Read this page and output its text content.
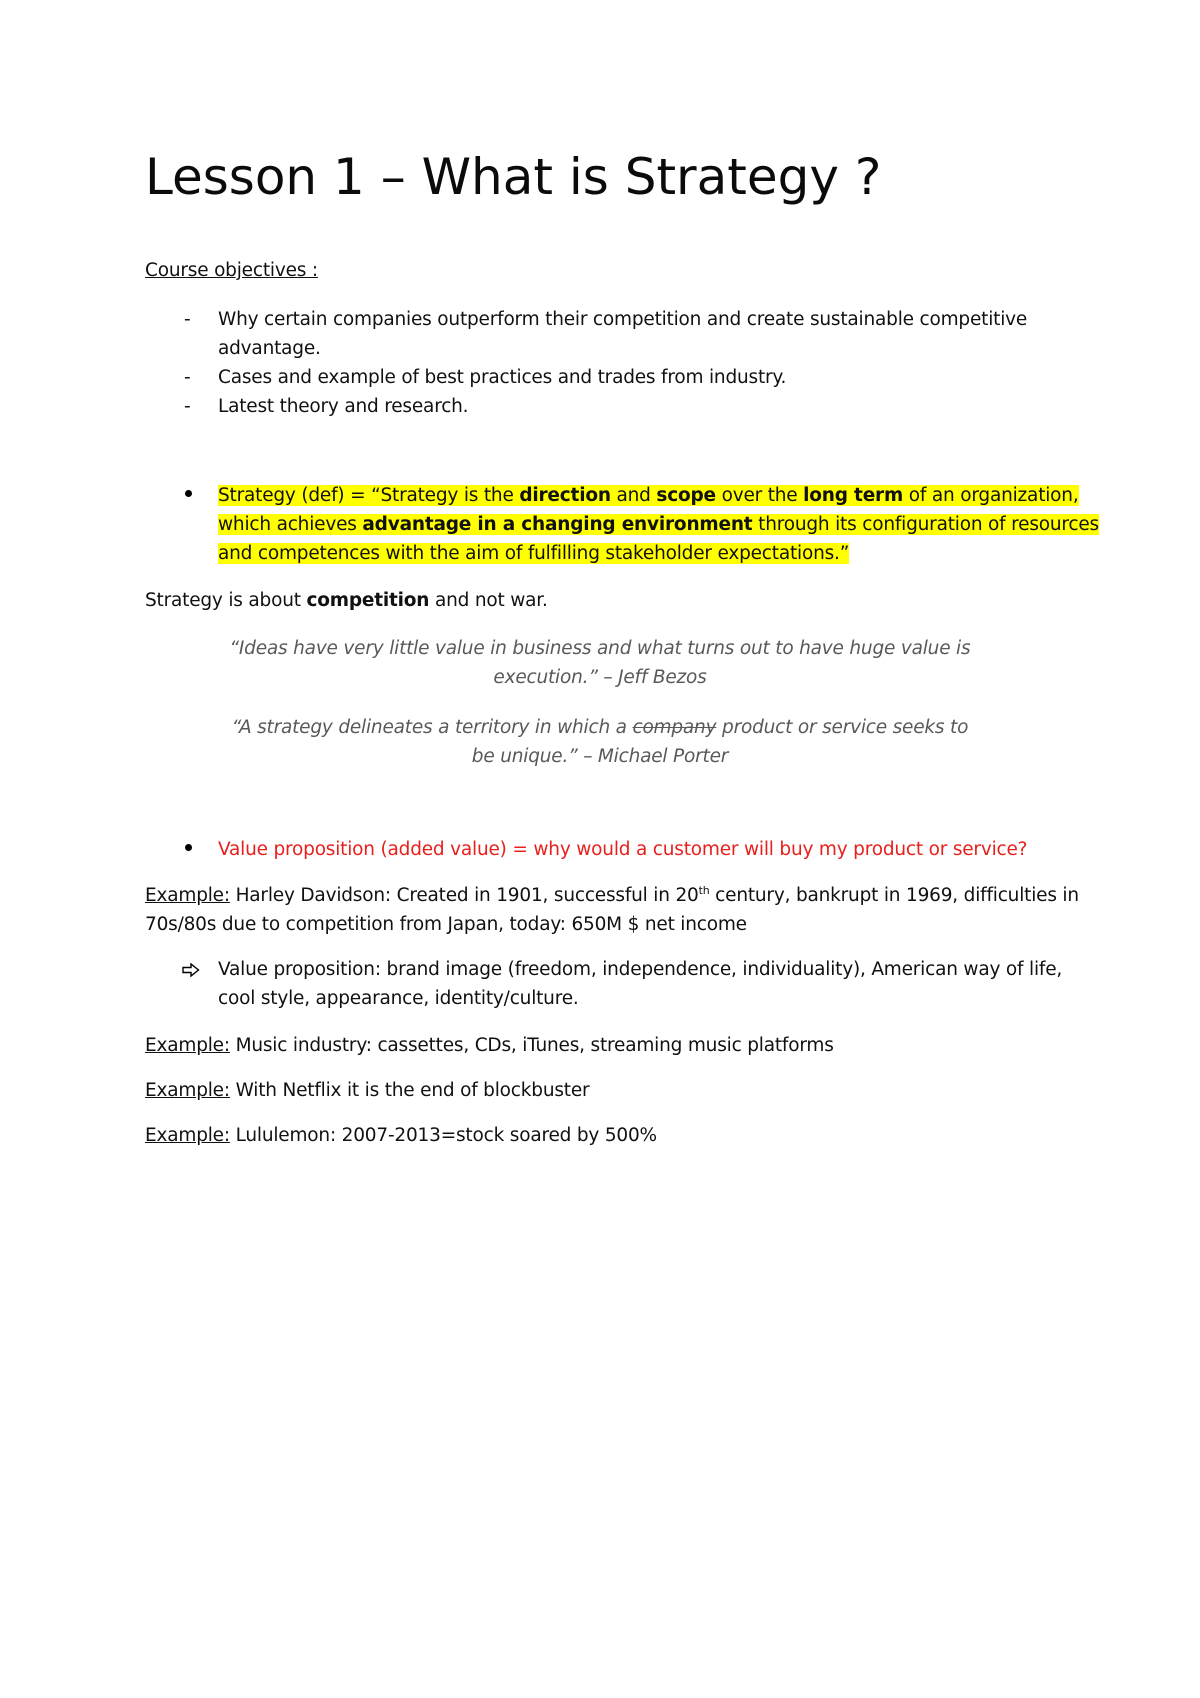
Lesson 1 – What is Strategy ?
Course objectives :
- Why certain companies outperform their competition and create sustainable competitive
advantage.
- Cases and example of best practices and trades from industry.
- Latest theory and research.
Strategy (def) = “Strategy is the direction and scope over the long term of an organization,
which achieves advantage in a changing environment through its configuration of resources
and competences with the aim of fulfilling stakeholder expectations.”
Strategy is about competition and not war.
“Ideas have very little value in business and what turns out to have huge value is
execution.” – Jeff Bezos
“A strategy delineates a territory in which a company product or service seeks to
be unique.” – Michael Porter
Value proposition (added value) = why would a customer will buy my product or service?
Example: Harley Davidson: Created in 1901, successful in 20th century, bankrupt in 1969, difficulties in
70s/80s due to competition from Japan, today: 650M $ net income
Value proposition: brand image (freedom, independence, individuality), American way of life,
cool style, appearance, identity/culture.
Example: Music industry: cassettes, CDs, iTunes, streaming music platforms
Example: With Netflix it is the end of blockbuster
Example: Lululemon: 2007-2013=stock soared by 500%
